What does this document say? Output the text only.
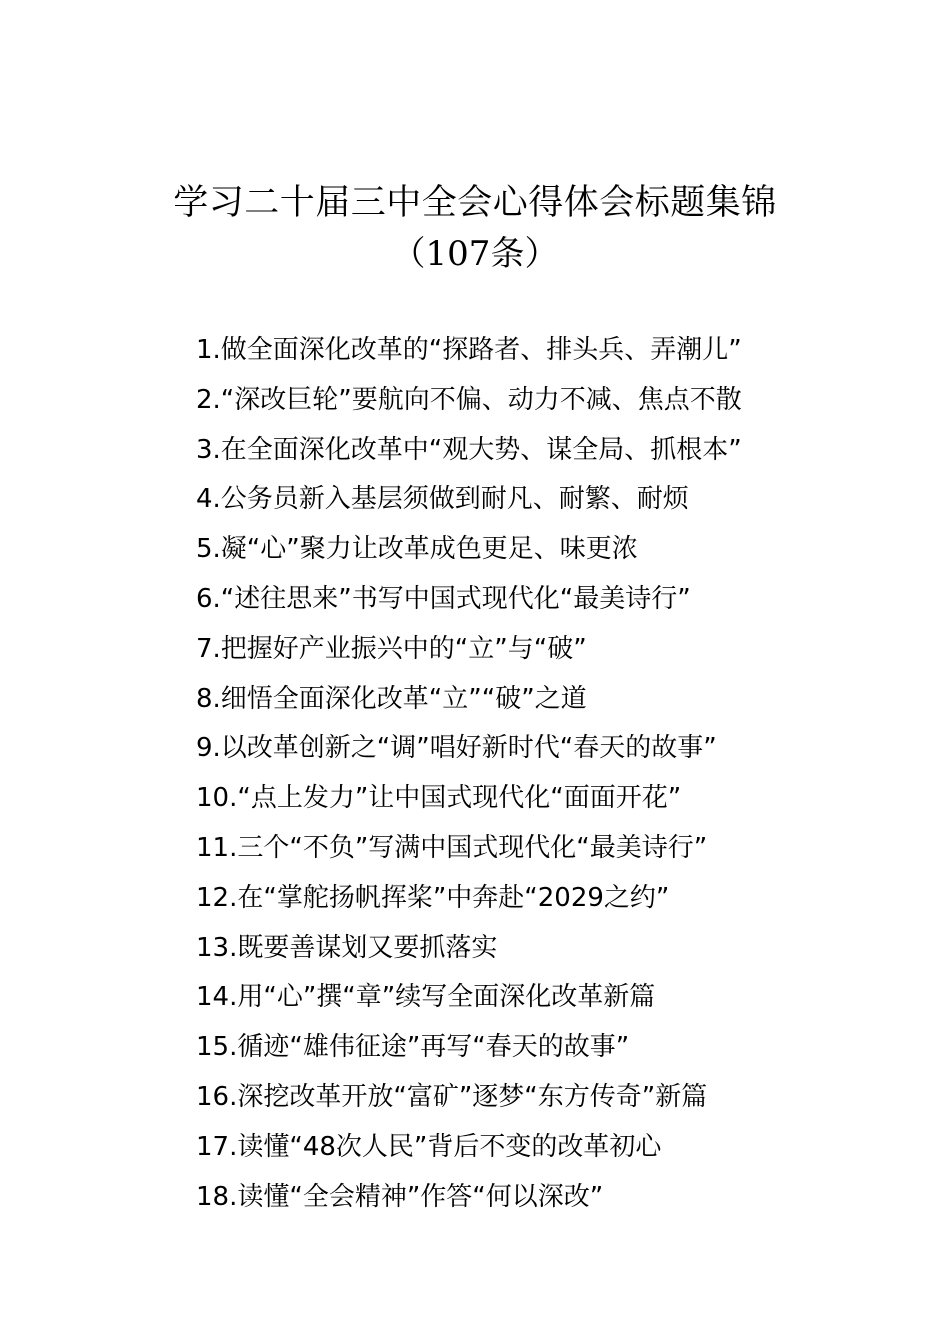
学习二十届三中全会心得体会标题集锦
（107条）
1.做全面深化改革的“探路者、排头兵、弄潮儿”
2.“深改巨轮”要航向不偏、动力不减、焦点不散
3.在全面深化改革中“观大势、谋全局、抓根本”
4.公务员新入基层须做到耐凡、耐繁、耐烦
5.凝“心”聚力让改革成色更足、味更浓
6.“述往思来”书写中国式现代化“最美诗行”
7.把握好产业振兴中的“立”与“破”
8.细悟全面深化改革“立”“破”之道
9.以改革创新之“调”唱好新时代“春天的故事”
10.“点上发力”让中国式现代化“面面开花”
11.三个“不负”写满中国式现代化“最美诗行”
12.在“掌舵扬帆挥桨”中奔赴“2029之约”
13.既要善谋划又要抓落实
14.用“心”撰“章”续写全面深化改革新篇
15.循迹“雄伟征途”再写“春天的故事”
16.深挖改革开放“富矿”逐梦“东方传奇”新篇
17.读懂“48次人民”背后不变的改革初心
18.读懂“全会精神”作答“何以深改”
